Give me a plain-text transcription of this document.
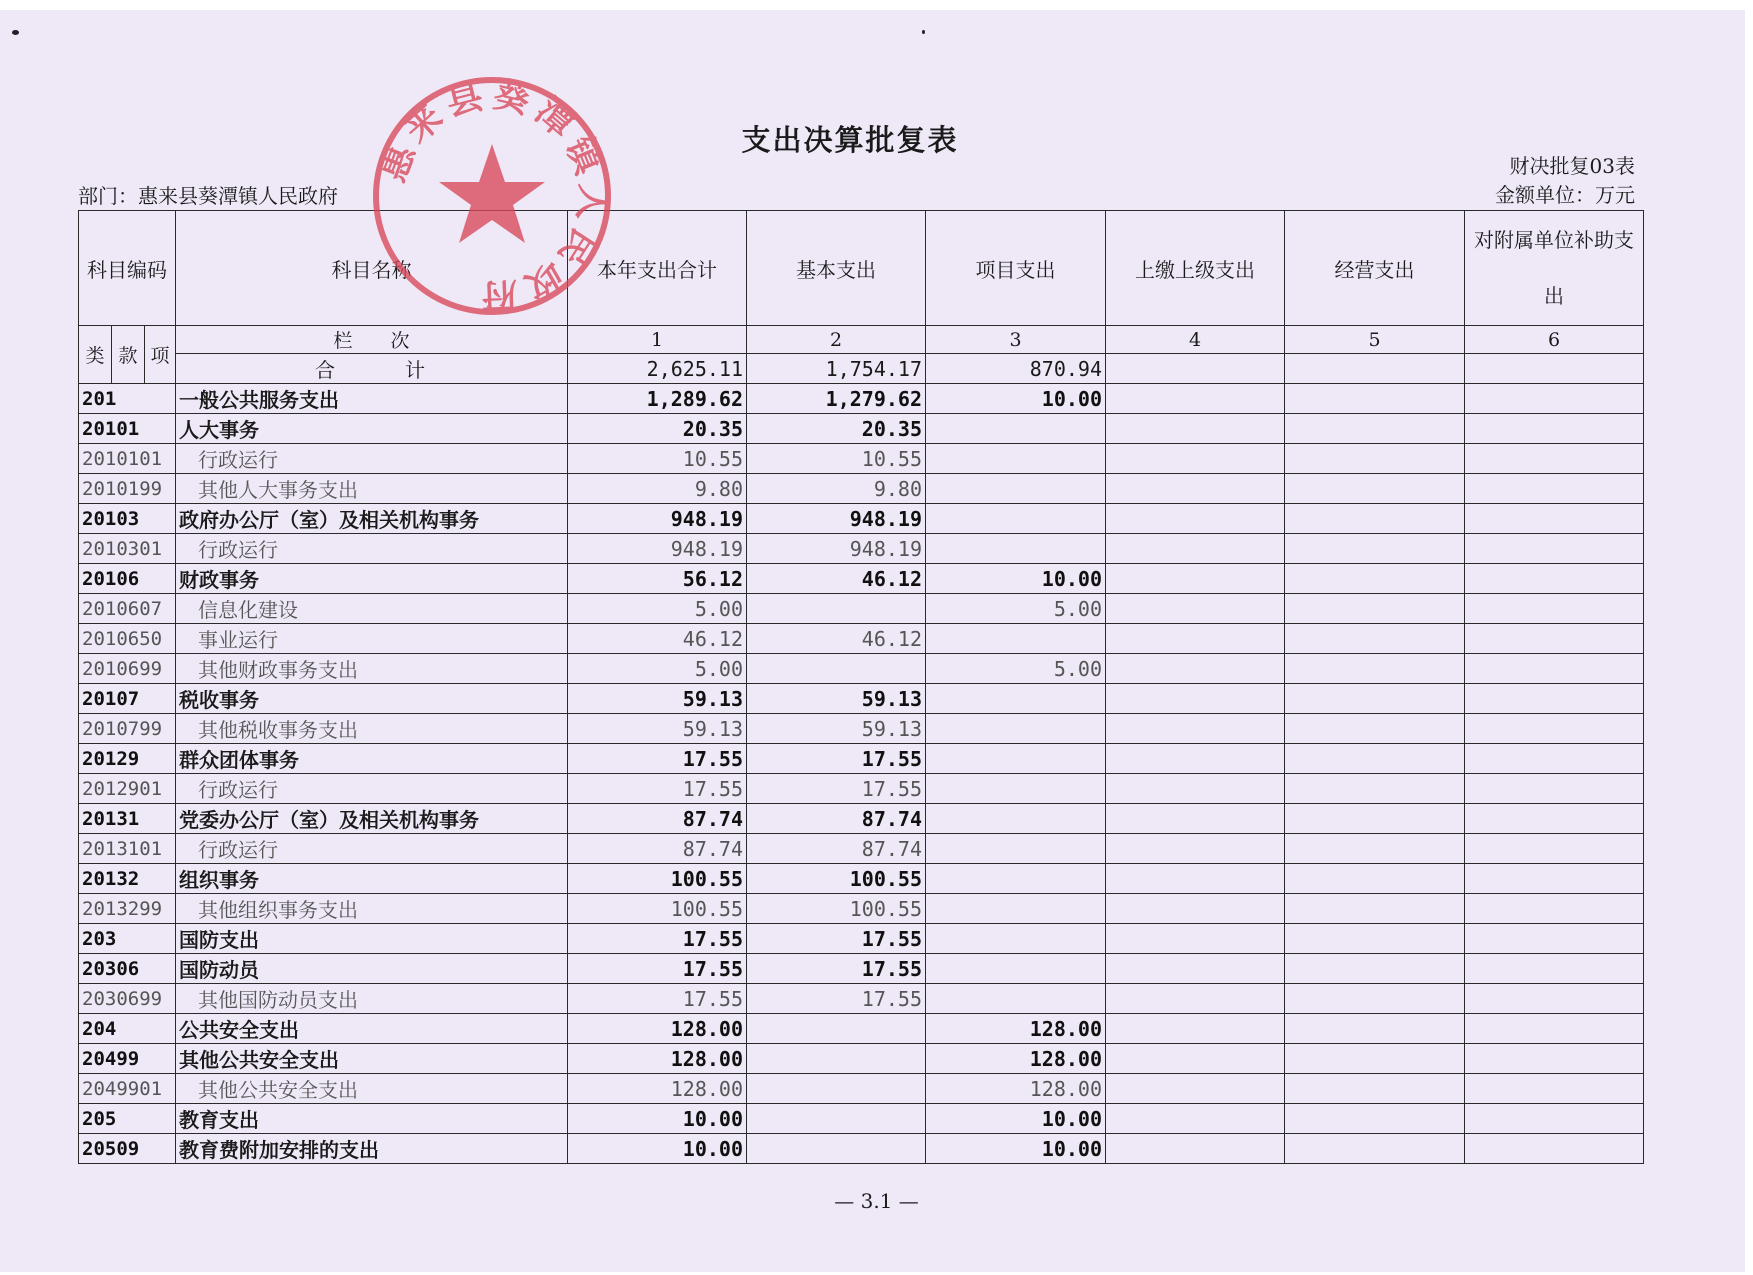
支出决算批复表
部门：惠来县葵潭镇人民政府
财决批复03表
金额单位：万元
科目编码			科目名称	本年支出合计	基本支出	项目支出	上缴上级支出	经营支出	对附属单位补助支出
类	款	项	栏　　次	1	2	3	4	5	6
			合计	2,625.11	1,754.17	870.94			
201			一般公共服务支出	1,289.62	1,279.62	10.00			
20101			人大事务	20.35	20.35				
2010101			行政运行	10.55	10.55				
2010199			其他人大事务支出	9.80	9.80				
20103			政府办公厅（室）及相关机构事务	948.19	948.19				
2010301			行政运行	948.19	948.19				
20106			财政事务	56.12	46.12	10.00			
2010607			信息化建设	5.00		5.00			
2010650			事业运行	46.12	46.12				
2010699			其他财政事务支出	5.00		5.00			
20107			税收事务	59.13	59.13				
2010799			其他税收事务支出	59.13	59.13				
20129			群众团体事务	17.55	17.55				
2012901			行政运行	17.55	17.55				
20131			党委办公厅（室）及相关机构事务	87.74	87.74				
2013101			行政运行	87.74	87.74				
20132			组织事务	100.55	100.55				
2013299			其他组织事务支出	100.55	100.55				
203			国防支出	17.55	17.55				
20306			国防动员	17.55	17.55				
2030699			其他国防动员支出	17.55	17.55				
204			公共安全支出	128.00		128.00			
20499			其他公共安全支出	128.00		128.00			
2049901			其他公共安全支出	128.00		128.00			
205			教育支出	10.00		10.00			
20509			教育费附加安排的支出	10.00		10.00			
惠来县葵潭镇人民政府
— 3.1 —
